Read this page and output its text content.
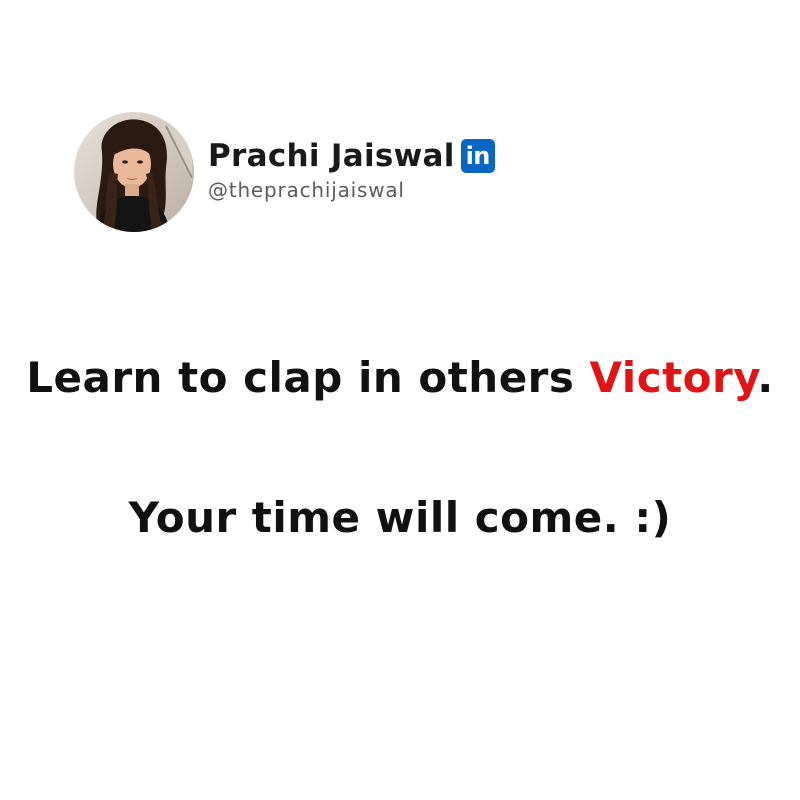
Prachi Jaiswal in
@theprachijaiswal
Learn to clap in others Victory.
Your time will come. :)
